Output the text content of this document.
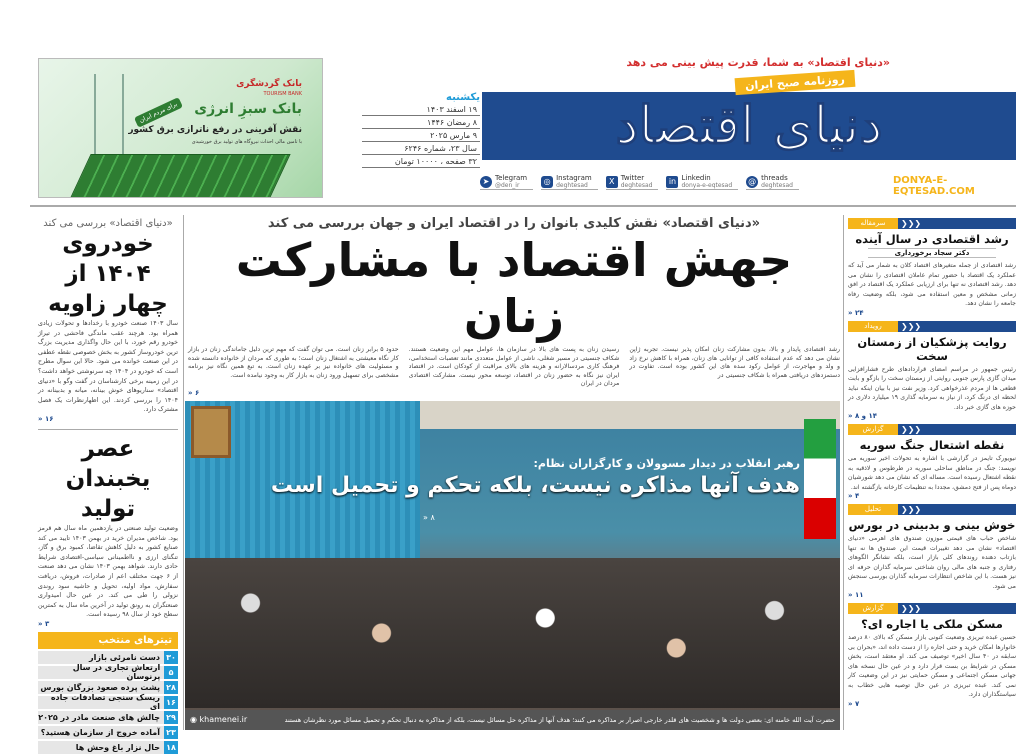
بانک گردشگری
TOURISM BANK
بانک سبزِ انرژی
نقش آفرینی در رفع ناترازی برق کشور
با تامین مالی احداث نیروگاه های تولید برق خورشیدی
برای مردم ایران
«دنیای اقتصاد» به شما، قدرت پیش بینی می دهد
دنیای اقتصاد
روزنامه صبح ایران
یکشنبه
۱۹ اسفند ۱۴۰۳
۸ رمضان ۱۴۴۶
۹ مارس ۲۰۲۵
سال ۲۳، شماره ۶۲۴۶
۳۲ صفحه ، ۱۰۰۰۰ تومان
@ threads
deghtesad
in Linkedin
donya-e-eqtesad
X Twitter
deghtesad
◎ Instagram
deghtesad
➤ Telegram
@den_ir	DONYA-E-EQTESAD.COM
«دنیای اقتصاد» نقش کلیدی بانوان را در اقتصاد ایران و جهان بررسی می کند
جهش اقتصاد با مشارکت زنان

رشد اقتصادی پایدار و بالا، بدون مشارکت زنان امکان پذیر نیست. تجربه ژاپن نشان می دهد که عدم استفاده کافی از توانایی های زنان، همراه با کاهش نرخ زاد و ولد و مهاجرت، از عوامل رکود سده های این کشور بوده است. تفاوت در دستمزدهای دریافتی همراه با شکاف جنسیتی در

رسیدن زنان به پست های بالا در سازمان ها، عوامل مهم این وضعیت هستند. شکاف جنسیتی در مسیر شغلی، ناشی از عوامل متعددی مانند تعصبات استخدامی، فرهنگ کاری مردسالارانه و هزینه های بالای مراقبت از کودکان است. در اقتصاد ایران نیز نگاه به حضور زنان در اقتصاد، توسعه محور نیست. مشارکت اقتصادی مردان در ایران

حدود ۵ برابر زنان است. می توان گفت که مهم ترین دلیل جاماندگی زنان در بازار کار نگاه معیشتی به اشتغال زنان است؛ به طوری که مردان از خانواده دانسته شده و مسئولیت های خانواده نیز بر عهده زنان است. به تبع همین نگاه نیز برنامه مشخصی برای تسهیل ورود زنان به بازار کار به وجود نیامده است.

۶ «
رهبر انقلاب در دیدار مسوولان و کارگزاران نظام:
هدف آنها مذاکره نیست، بلکه تحکم و تحمیل است
۸ «
حضرت آیت الله خامنه ای: بعضی دولت ها و شخصیت های قلدر خارجی اصرار بر مذاکره می کنند؛ هدف آنها از مذاکره حل مسائل نیست، بلکه از مذاکره به دنبال تحکم و تحمیل مسائل مورد نظرشان هستند
◉ khamenei.ir
«دنیای اقتصاد» بررسی می کند
خودروی ۱۴۰۴ از چهار زاویه

سال ۱۴۰۳ صنعت خودرو با رخدادها و تحولات زیادی همراه بود. هرچند عقب ماندگی فاحشی در تیراژ خودرو رقم خورد، با این حال واگذاری مدیریت بزرگ ترین خودروساز کشور به بخش خصوصی نقطه عطفی در این صنعت خوانده می شود. حالا این سوال مطرح است که خودرو در ۱۴۰۴ چه سرنوشتی خواهد داشت؟ در این زمینه برخی کارشناسان در گفت وگو با «دنیای اقتصاد» سناریوهای خوش بینانه، میانه و بدبینانه در ۱۴۰۴ را بررسی کردند. این اظهارنظرات یک فصل مشترک دارد.

۱۶ «
عصر یخبندان تولید

وضعیت تولید صنعتی در یازدهمین ماه سال هم قرمز بود. شاخص مدیران خرید در بهمن ۱۴۰۳ تایید می کند صنایع کشور به دلیل کاهش تقاضا، کمبود برق و گاز، تنگنای ارزی و نااطمینانی سیاسی-اقتصادی شرایط حادی دارند. شواهد بهمن ۱۴۰۳ نشان می دهد صنعت از ۶ جهت مختلف اعم از صادرات، فروش، دریافت سفارش، مواد اولیه، تحویل و حاشیه سود روندی نزولی را طی می کند. در عین حال امیدواری صنعتگران به رونق تولید در آخرین ماه سال به کمترین سطح خود از سال ۹۸ رسیده است.

۳ «
تیترهای منتخب
۳۰
دست نامرئی بازار
۵
ارتعاش تجاری در سال پرنوسان
۲۸
پشت پرده صعود بزرگان بورس
۱۶
ریسک سنجی تصادفات جاده ای
۲۹
چالش های صنعت مادر در ۲۰۲۵
۲۳
آماده خروج از سازمان هستید؟
۱۸
حال نزار باغ وحش ها
❮❮❮
سرمقاله
رشد اقتصادی در سال آینده
دکتر سجاد برخورداری

رشد اقتصادی از جمله متغیرهای اقتصاد کلان به شمار می آید که عملکرد یک اقتصاد با حضور تمام عاملان اقتصادی را نشان می دهد. رشد اقتصادی نه تنها برای ارزیابی عملکرد یک اقتصاد در افق زمانی مشخص و معین استفاده می شود، بلکه وضعیت رفاه جامعه را نشان دهد.

۲۴ «
❮❮❮
رویداد
روایت پزشکیان از زمستان سخت

رئیس جمهور در مراسم امضای قراردادهای طرح فشارافزایی میدان گازی پارس جنوبی روایتی از زمستان سخت را بازگو و بابت قطعی ها از مردم عذرخواهی کرد. وزیر نفت نیز با بیان اینکه نباید لحظه ای درنگ کرد، از نیاز به سرمایه گذاری ۱۹ میلیارد دلاری در حوزه های گازی خبر داد.

۱۴ و ۸ «
❮❮❮
گزارش
نقطه اشتعال جنگ سوریه

نیویورک تایمز در گزارشی با اشاره به تحولات اخیر سوریه می نویسد: جنگ در مناطق ساحلی سوریه در طرطوس و لاذقیه به نقطه اشتعال رسیده است. مساله ای که نشان می دهد شورشیان دوماه پس از فتح دمشق، مجددا به تنظیمات کارخانه بازگشته اند.

۴ «
❮❮❮
تحلیل
خوش بینی و بدبینی در بورس

شاخص حباب های قیمتی موزون صندوق های اهرمی «دنیای اقتصاد» نشان می دهد تغییرات قیمت این صندوق ها نه تنها بازتاب دهنده روندهای کلی بازار است، بلکه نشانگر الگوهای رفتاری و جنبه های مالی روان شناختی سرمایه گذاران حرفه ای نیز هست. با این شاخص انتظارات سرمایه گذاران بورسی سنجش می شود.

۱۱ «
❮❮❮
گزارش
مسکن ملکی یا اجاره ای؟

حسین عبده تبریزی وضعیت کنونی بازار مسکن که بالای ۸۰ درصد خانوارها امکان خرید و حتی اجاره را از دست داده اند، «بحران بی سابقه در ۴۰ سال اخیر» توصیف می کند. او معتقد است، بخش مسکن در شرایط بن بست قرار دارد و در عین حال نسخه های جهانی مسکن اجتماعی و مسکن حمایتی نیز در این وضعیت کار نمی کند. عبده تبریزی در عین حال توصیه هایی خطاب به سیاستگذاران دارد.

۷ «
